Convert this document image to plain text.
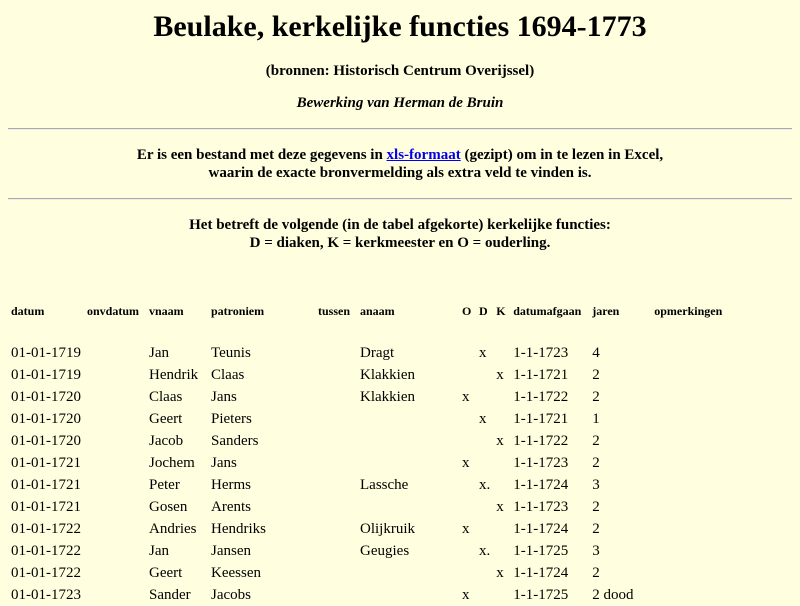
Beulake, kerkelijke functies 1694-1773
(bronnen: Historisch Centrum Overijssel)
Bewerking van Herman de Bruin
Er is een bestand met deze gegevens in xls-formaat (gezipt) om in te lezen in Excel,
waarin de exacte bronvermelding als extra veld te vinden is.
Het betreft de volgende (in de tabel afgekorte) kerkelijke functies:
D = diaken, K = kerkmeester en O = ouderling.
datum	onvdatum	vnaam	patroniem	tussen	anaam	O	D	K	datumafgaan	jaren	opmerkingen

01-01-1719		Jan	Teunis		Dragt		x		1-1-1723	4	
01-01-1719		Hendrik	Claas		Klakkien			x	1-1-1721	2	
01-01-1720		Claas	Jans		Klakkien	x			1-1-1722	2	
01-01-1720		Geert	Pieters				x		1-1-1721	1	
01-01-1720		Jacob	Sanders					x	1-1-1722	2	
01-01-1721		Jochem	Jans			x			1-1-1723	2	
01-01-1721		Peter	Herms		Lassche		x.		1-1-1724	3	
01-01-1721		Gosen	Arents					x	1-1-1723	2	
01-01-1722		Andries	Hendriks		Olijkruik	x			1-1-1724	2	
01-01-1722		Jan	Jansen		Geugies		x.		1-1-1725	3	
01-01-1722		Geert	Keessen					x	1-1-1724	2	
01-01-1723		Sander	Jacobs			x			1-1-1725	2 dood	
